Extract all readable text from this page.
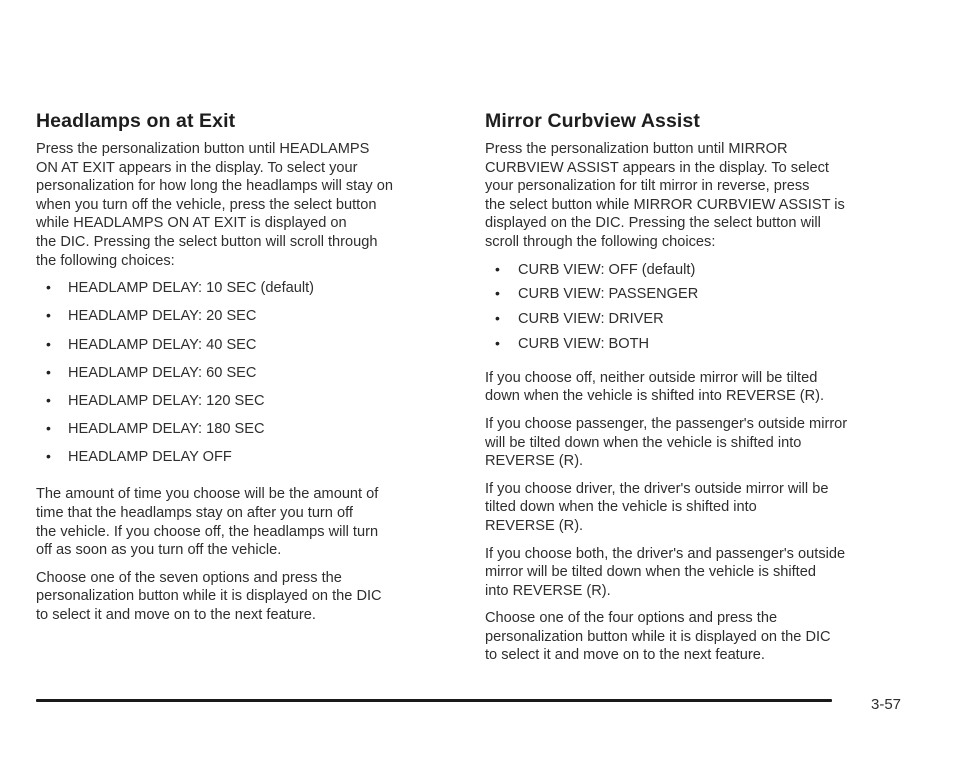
Headlamps on at Exit

Press the personalization button until HEADLAMPS
ON AT EXIT appears in the display. To select your
personalization for how long the headlamps will stay on
when you turn off the vehicle, press the select button
while HEADLAMPS ON AT EXIT is displayed on
the DIC. Pressing the select button will scroll through
the following choices:

• HEADLAMP DELAY: 10 SEC (default)
• HEADLAMP DELAY: 20 SEC
• HEADLAMP DELAY: 40 SEC
• HEADLAMP DELAY: 60 SEC
• HEADLAMP DELAY: 120 SEC
• HEADLAMP DELAY: 180 SEC
• HEADLAMP DELAY OFF

The amount of time you choose will be the amount of
time that the headlamps stay on after you turn off
the vehicle. If you choose off, the headlamps will turn
off as soon as you turn off the vehicle.

Choose one of the seven options and press the
personalization button while it is displayed on the DIC
to select it and move on to the next feature.

Mirror Curbview Assist

Press the personalization button until MIRROR
CURBVIEW ASSIST appears in the display. To select
your personalization for tilt mirror in reverse, press
the select button while MIRROR CURBVIEW ASSIST is
displayed on the DIC. Pressing the select button will
scroll through the following choices:

• CURB VIEW: OFF (default)
• CURB VIEW: PASSENGER
• CURB VIEW: DRIVER
• CURB VIEW: BOTH

If you choose off, neither outside mirror will be tilted
down when the vehicle is shifted into REVERSE (R).

If you choose passenger, the passenger's outside mirror
will be tilted down when the vehicle is shifted into
REVERSE (R).

If you choose driver, the driver's outside mirror will be
tilted down when the vehicle is shifted into
REVERSE (R).

If you choose both, the driver's and passenger's outside
mirror will be tilted down when the vehicle is shifted
into REVERSE (R).

Choose one of the four options and press the
personalization button while it is displayed on the DIC
to select it and move on to the next feature.

3-57
